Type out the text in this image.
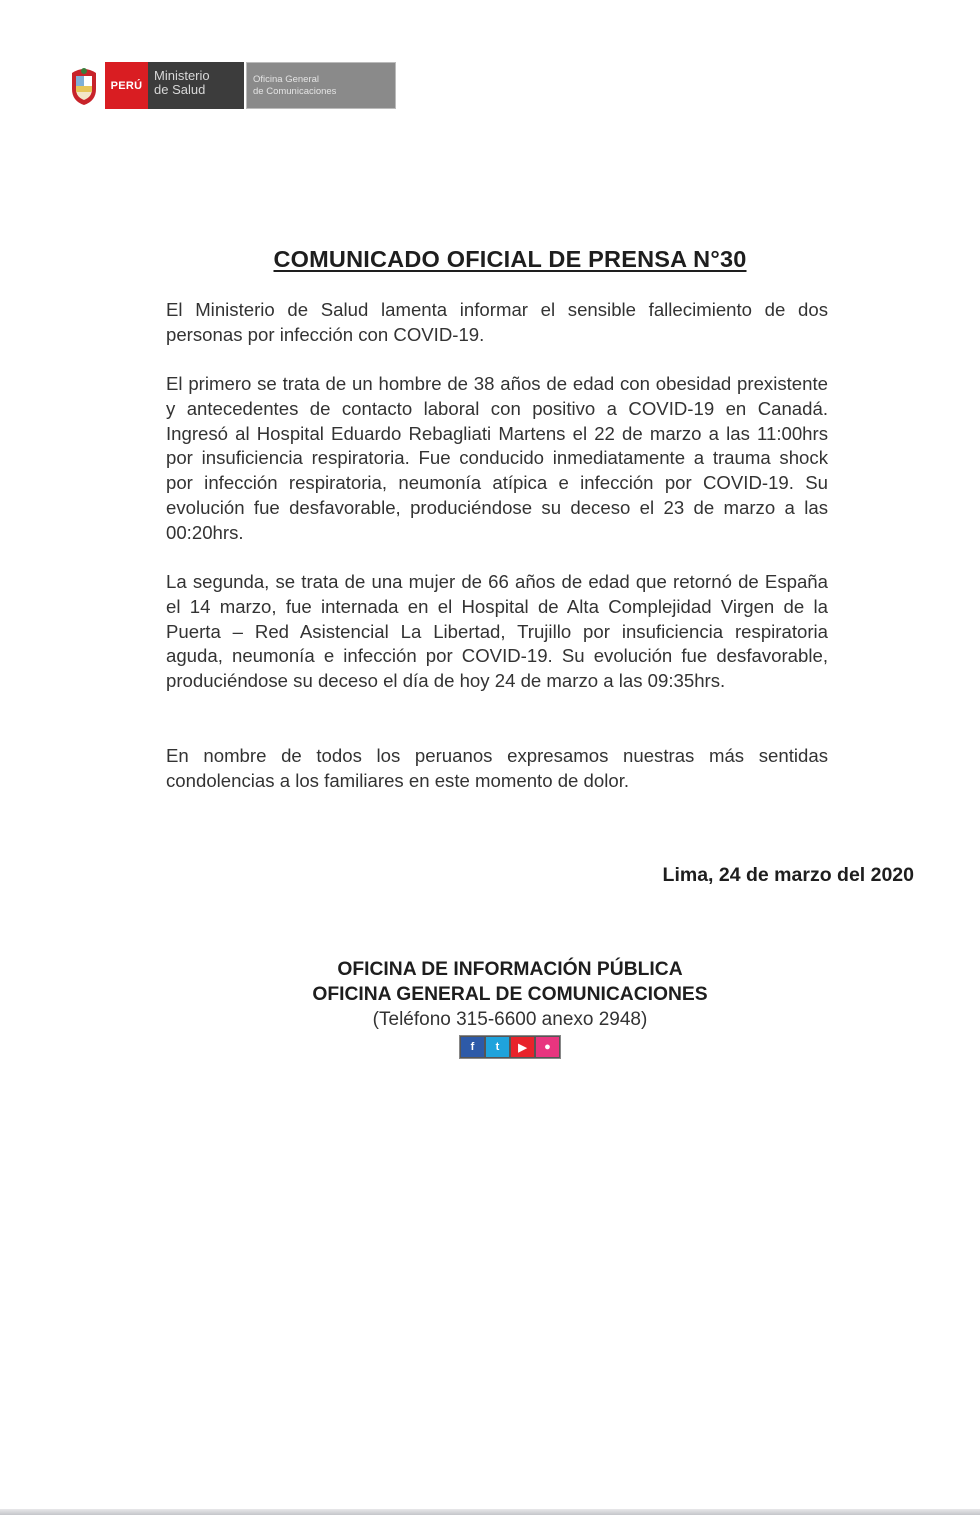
PERÚ
Ministerio
de Salud
Oficina General
de Comunicaciones
COMUNICADO OFICIAL DE PRENSA N°30

El Ministerio de Salud lamenta informar el sensible fallecimiento de dos personas por infección con COVID-19.

El primero se trata de un hombre de 38 años de edad con obesidad prexistente y antecedentes de contacto laboral con positivo a COVID-19 en Canadá. Ingresó al Hospital Eduardo Rebagliati Martens el 22 de marzo a las 11:00hrs por insuficiencia respiratoria. Fue conducido inmediatamente a trauma shock por infección respiratoria, neumonía atípica e infección por COVID-19. Su evolución fue desfavorable, produciéndose su deceso el 23 de marzo a las 00:20hrs.

La segunda, se trata de una mujer de 66 años de edad que retornó de España el 14 marzo, fue internada en el Hospital de Alta Complejidad Virgen de la Puerta – Red Asistencial La Libertad, Trujillo por insuficiencia respiratoria aguda, neumonía e infección por COVID-19. Su evolución fue desfavorable, produciéndose su deceso el día de hoy 24 de marzo a las 09:35hrs.

En nombre de todos los peruanos expresamos nuestras más sentidas condolencias a los familiares en este momento de dolor.

Lima, 24 de marzo del 2020
OFICINA DE INFORMACIÓN PÚBLICA
OFICINA GENERAL DE COMUNICACIONES
(Teléfono 315-6600 anexo 2948)
f	t	▶	●
